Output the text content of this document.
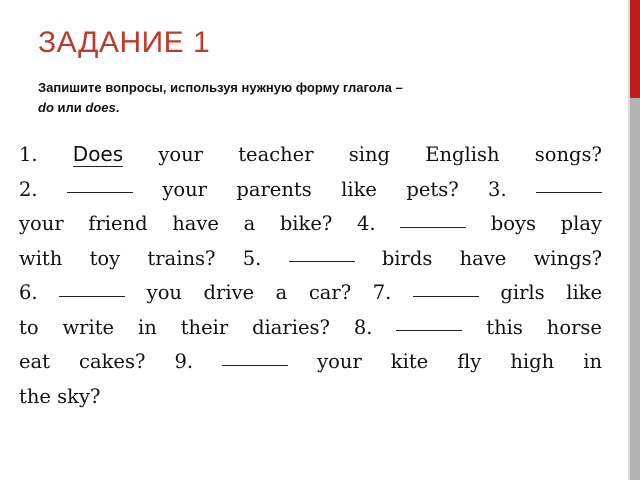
ЗАДАНИЕ 1
Запишите вопросы, используя нужную форму глагола –
do или does.
1. Does your teacher sing English songs?
2.	your parents like pets? 3.
your friend have a bike? 4.	boys play
with toy trains? 5.	birds have wings?
6.	you drive a car? 7.	girls like
to write in their diaries? 8.	this horse
eat cakes? 9.	your kite fly high in
the sky?
